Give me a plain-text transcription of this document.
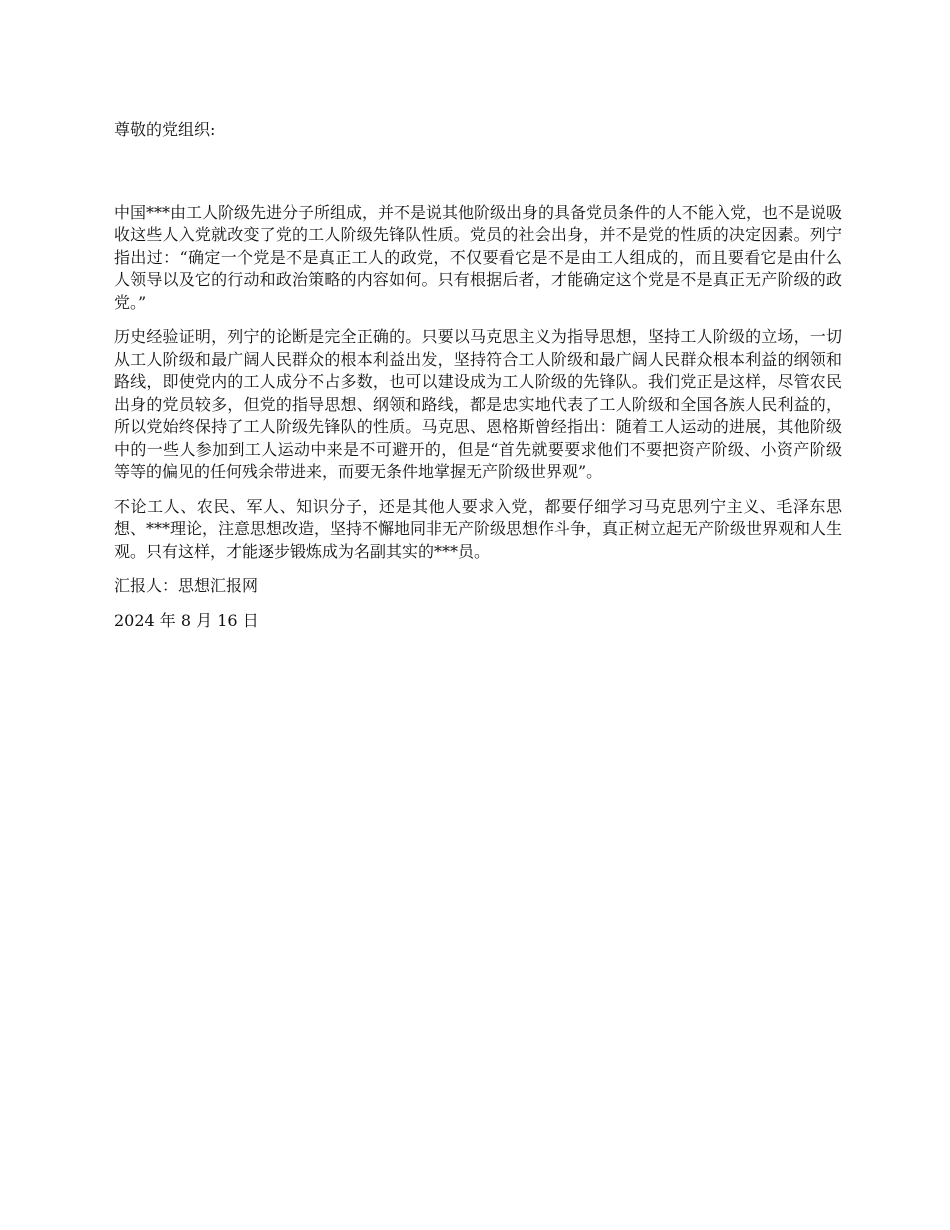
尊敬的党组织:

中国***由工人阶级先进分子所组成，并不是说其他阶级出身的具备党员条件的人不能入党，也不是说吸收这些人入党就改变了党的工人阶级先锋队性质。党员的社会出身，并不是党的性质的决定因素。列宁指出过：“确定一个党是不是真正工人的政党，不仅要看它是不是由工人组成的，而且要看它是由什么人领导以及它的行动和政治策略的内容如何。只有根据后者，才能确定这个党是不是真正无产阶级的政党。”

历史经验证明，列宁的论断是完全正确的。只要以马克思主义为指导思想，坚持工人阶级的立场，一切从工人阶级和最广阔人民群众的根本利益出发，坚持符合工人阶级和最广阔人民群众根本利益的纲领和路线，即使党内的工人成分不占多数，也可以建设成为工人阶级的先锋队。我们党正是这样，尽管农民出身的党员较多，但党的指导思想、纲领和路线，都是忠实地代表了工人阶级和全国各族人民利益的，所以党始终保持了工人阶级先锋队的性质。马克思、恩格斯曾经指出：随着工人运动的进展，其他阶级中的一些人参加到工人运动中来是不可避开的，但是“首先就要要求他们不要把资产阶级、小资产阶级等等的偏见的任何残余带进来，而要无条件地掌握无产阶级世界观”。

不论工人、农民、军人、知识分子，还是其他人要求入党，都要仔细学习马克思列宁主义、毛泽东思想、***理论，注意思想改造，坚持不懈地同非无产阶级思想作斗争，真正树立起无产阶级世界观和人生观。只有这样，才能逐步锻炼成为名副其实的***员。

汇报人：思想汇报网

2024 年 8 月 16 日
